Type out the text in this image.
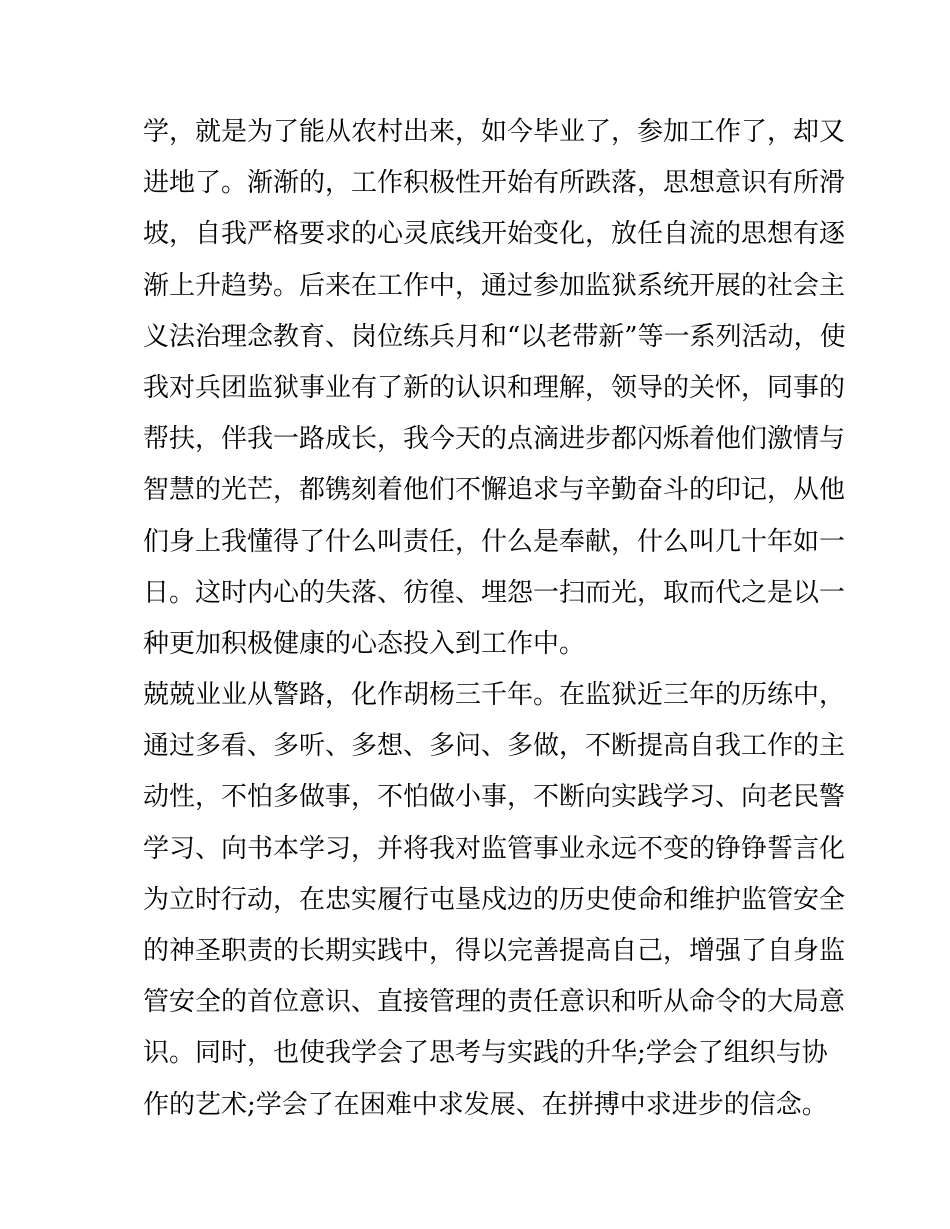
学，就是为了能从农村出来，如今毕业了，参加工作了，却又
进地了。渐渐的，工作积极性开始有所跌落，思想意识有所滑
坡，自我严格要求的心灵底线开始变化，放任自流的思想有逐
渐上升趋势。后来在工作中，通过参加监狱系统开展的社会主
义法治理念教育、岗位练兵月和“以老带新”等一系列活动，使
我对兵团监狱事业有了新的认识和理解，领导的关怀，同事的
帮扶，伴我一路成长，我今天的点滴进步都闪烁着他们激情与
智慧的光芒，都镌刻着他们不懈追求与辛勤奋斗的印记，从他
们身上我懂得了什么叫责任，什么是奉献，什么叫几十年如一
日。这时内心的失落、彷徨、埋怨一扫而光，取而代之是以一
种更加积极健康的心态投入到工作中。
兢兢业业从警路，化作胡杨三千年。在监狱近三年的历练中，
通过多看、多听、多想、多问、多做，不断提高自我工作的主
动性，不怕多做事，不怕做小事，不断向实践学习、向老民警
学习、向书本学习，并将我对监管事业永远不变的铮铮誓言化
为立时行动，在忠实履行屯垦戍边的历史使命和维护监管安全
的神圣职责的长期实践中，得以完善提高自己，增强了自身监
管安全的首位意识、直接管理的责任意识和听从命令的大局意
识。同时，也使我学会了思考与实践的升华;学会了组织与协
作的艺术;学会了在困难中求发展、在拼搏中求进步的信念。
